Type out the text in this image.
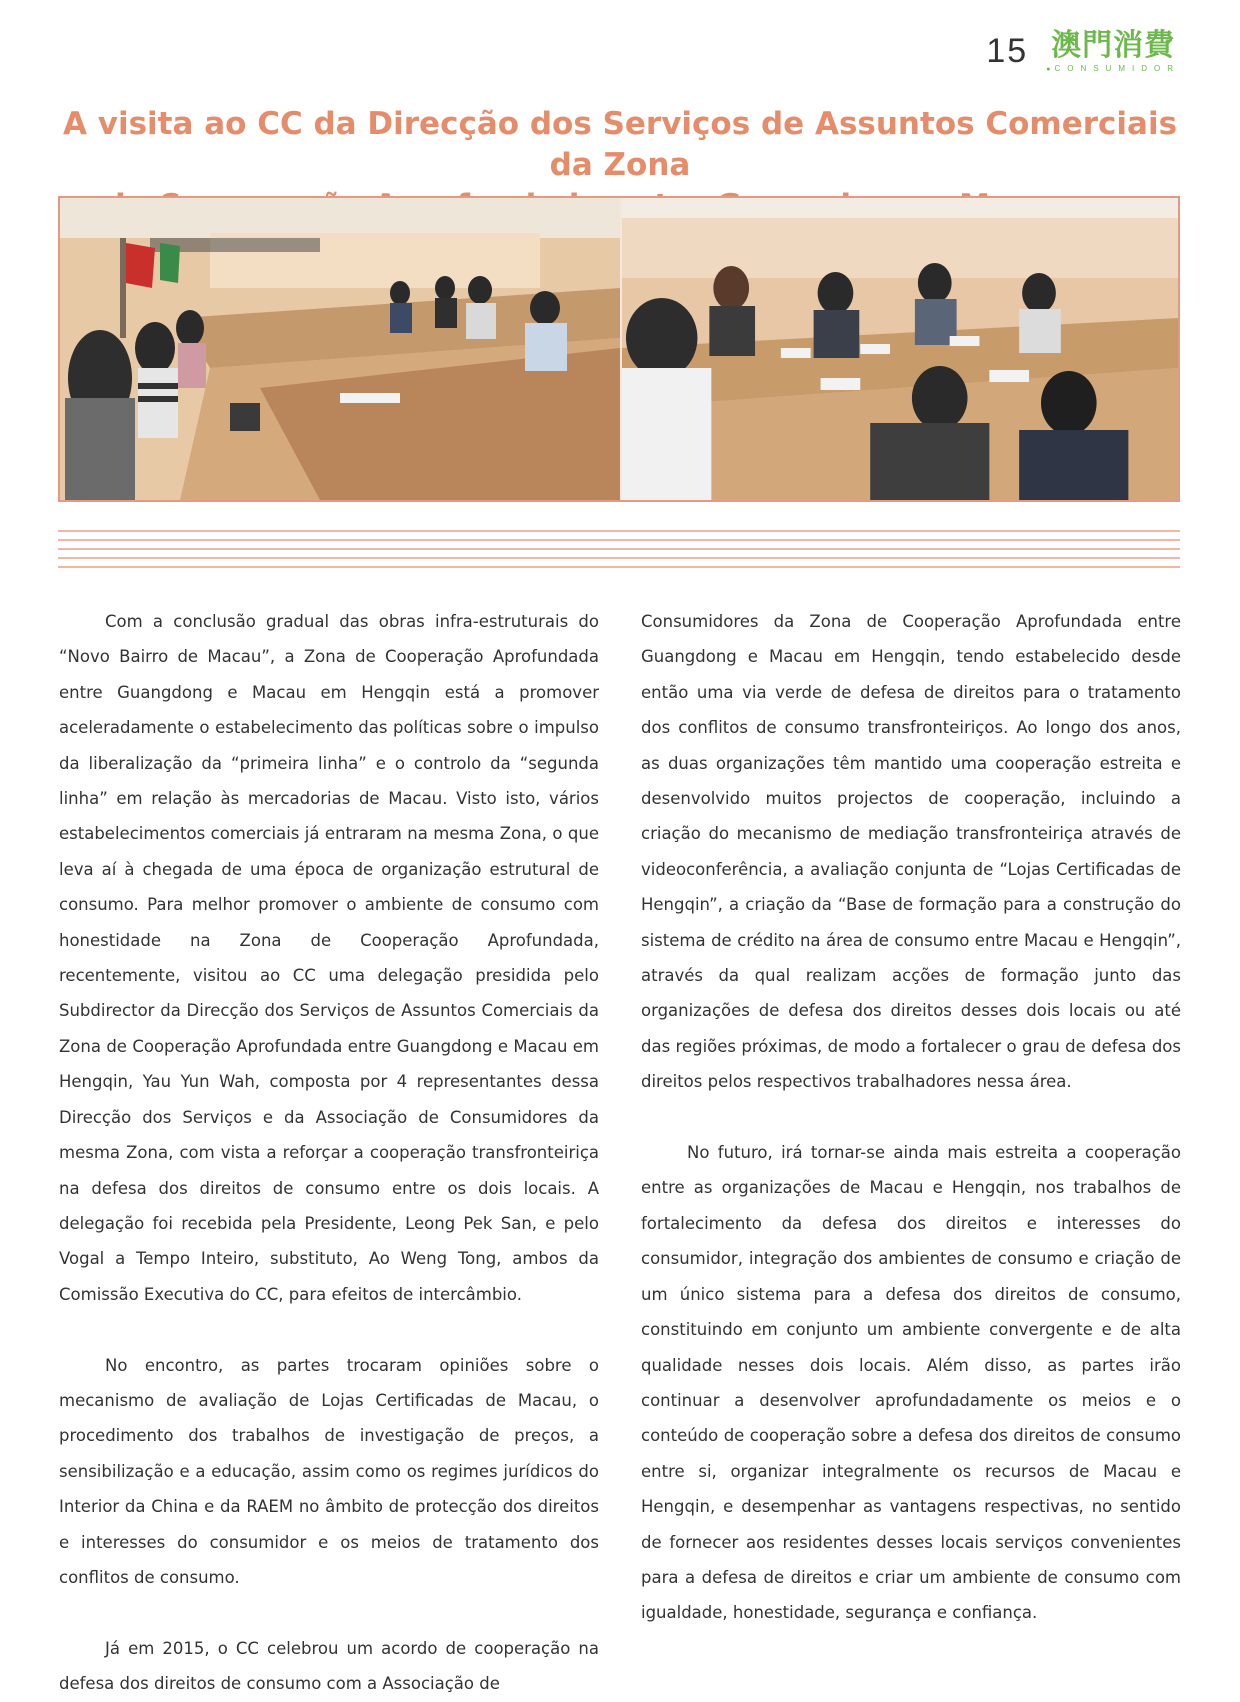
15 澳門消費
● CONSUMIDOR
A visita ao CC da Direcção dos Serviços de Assuntos Comerciais da Zona

Com a conclusão gradual das obras infra-estruturais do “Novo Bairro de Macau”, a Zona de Cooperação Aprofundada entre Guangdong e Macau em Hengqin está a promover aceleradamente o estabelecimento das políticas sobre o impulso da liberalização da “primeira linha” e o controlo da “segunda linha” em relação às mercadorias de Macau. Visto isto, vários estabelecimentos comerciais já entraram na mesma Zona, o que leva aí à chegada de uma época de organização estrutural de consumo. Para melhor promover o ambiente de consumo com honestidade na Zona de Cooperação Aprofundada, recentemente, visitou ao CC uma delegação presidida pelo Subdirector da Direcção dos Serviços de Assuntos Comerciais da Zona de Cooperação Aprofundada entre Guangdong e Macau em Hengqin, Yau Yun Wah, composta por 4 representantes dessa Direcção dos Serviços e da Associação de Consumidores da mesma Zona, com vista a reforçar a cooperação transfronteiriça na defesa dos direitos de consumo entre os dois locais. A delegação foi recebida pela Presidente, Leong Pek San, e pelo Vogal a Tempo Inteiro, substituto, Ao Weng Tong, ambos da Comissão Executiva do CC, para efeitos de intercâmbio.

No encontro, as partes trocaram opiniões sobre o mecanismo de avaliação de Lojas Certificadas de Macau, o procedimento dos trabalhos de investigação de preços, a sensibilização e a educação, assim como os regimes jurídicos do Interior da China e da RAEM no âmbito de protecção dos direitos e interesses do consumidor e os meios de tratamento dos conflitos de consumo.

Já em 2015, o CC celebrou um acordo de cooperação na defesa dos direitos de consumo com a Associação de

Consumidores da Zona de Cooperação Aprofundada entre Guangdong e Macau em Hengqin, tendo estabelecido desde então uma via verde de defesa de direitos para o tratamento dos conflitos de consumo transfronteiriços. Ao longo dos anos, as duas organizações têm mantido uma cooperação estreita e desenvolvido muitos projectos de cooperação, incluindo a criação do mecanismo de mediação transfronteiriça através de videoconferência, a avaliação conjunta de “Lojas Certificadas de Hengqin”, a criação da “Base de formação para a construção do sistema de crédito na área de consumo entre Macau e Hengqin”, através da qual realizam acções de formação junto das organizações de defesa dos direitos desses dois locais ou até das regiões próximas, de modo a fortalecer o grau de defesa dos direitos pelos respectivos trabalhadores nessa área.

No futuro, irá tornar-se ainda mais estreita a cooperação entre as organizações de Macau e Hengqin, nos trabalhos de fortalecimento da defesa dos direitos e interesses do consumidor, integração dos ambientes de consumo e criação de um único sistema para a defesa dos direitos de consumo, constituindo em conjunto um ambiente convergente e de alta qualidade nesses dois locais. Além disso, as partes irão continuar a desenvolver aprofundadamente os meios e o conteúdo de cooperação sobre a defesa dos direitos de consumo entre si, organizar integralmente os recursos de Macau e Hengqin, e desempenhar as vantagens respectivas, no sentido de fornecer aos residentes desses locais serviços convenientes para a defesa de direitos e criar um ambiente de consumo com igualdade, honestidade, segurança e confiança.
